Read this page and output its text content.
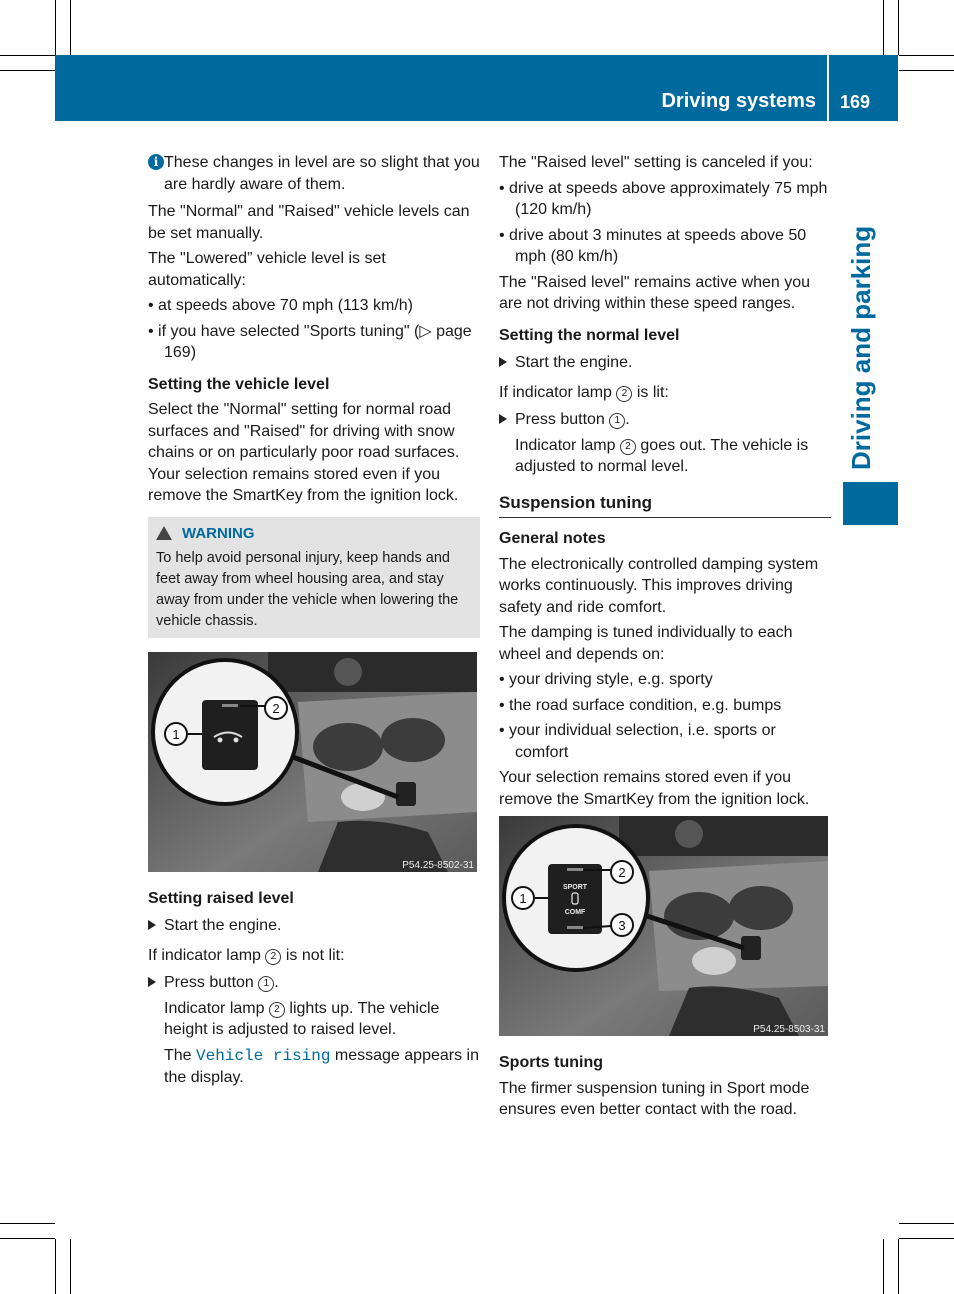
Driving systems 169
Driving and parking
i These changes in level are so slight that you are hardly aware of them.

The "Normal" and "Raised" vehicle levels can be set manually.

The "Lowered” vehicle level is set automatically:

• at speeds above 70 mph (113 km/h)

• if you have selected "Sports tuning" (▷ page 169)

Setting the vehicle level

Select the "Normal" setting for normal road surfaces and "Raised" for driving with snow chains or on particularly poor road surfaces. Your selection remains stored even if you remove the SmartKey from the ignition lock.

WARNING
To help avoid personal injury, keep hands and feet away from wheel housing area, and stay away from under the vehicle when lowering the vehicle chassis.
1
2
P54.25-8502-31
Setting raised level
Start the engine.

If indicator lamp 2 is not lit:

Press button 1 .

Indicator lamp 2 lights up. The vehicle height is adjusted to raised level.

The Vehicle rising message appears in the display.

The "Raised level" setting is canceled if you:

• drive at speeds above approximately 75 mph (120 km/h)

• drive about 3 minutes at speeds above 50 mph (80 km/h)

The "Raised level" remains active when you are not driving within these speed ranges.

Setting the normal level
Start the engine.

If indicator lamp 2 is lit:

Press button 1 .

Indicator lamp 2 goes out. The vehicle is adjusted to normal level.

Suspension tuning
General notes

The electronically controlled damping system works continuously. This improves driving safety and ride comfort.

The damping is tuned individually to each wheel and depends on:

• your driving style, e.g. sporty

• the road surface condition, e.g. bumps

• your individual selection, i.e. sports or comfort

Your selection remains stored even if you remove the SmartKey from the ignition lock.

SPORT
COMF
1
2
3
P54.25-8503-31
Sports tuning

The firmer suspension tuning in Sport mode ensures even better contact with the road.
